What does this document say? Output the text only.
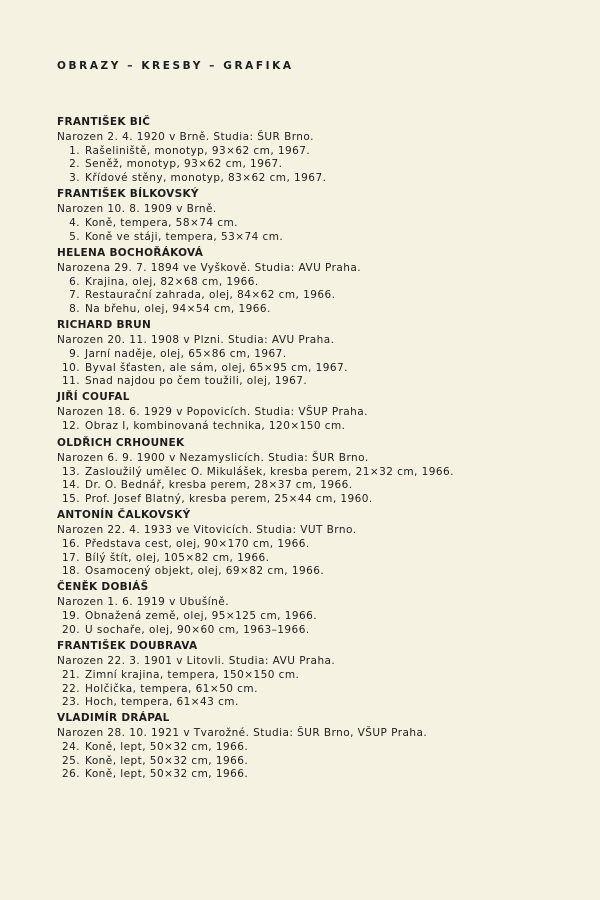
OBRAZY – KRESBY – GRAFIKA
FRANTIŠEK BIČ
Narozen 2. 4. 1920 v Brně. Studia: ŠUR Brno.
1. Rašeliniště, monotyp, 93×62 cm, 1967.
2. Seněž, monotyp, 93×62 cm, 1967.
3. Křídové stěny, monotyp, 83×62 cm, 1967.
FRANTIŠEK BÍLKOVSKÝ
Narozen 10. 8. 1909 v Brně.
4. Koně, tempera, 58×74 cm.
5. Koně ve stáji, tempera, 53×74 cm.
HELENA BOCHOŘÁKOVÁ
Narozena 29. 7. 1894 ve Vyškově. Studia: AVU Praha.
6. Krajina, olej, 82×68 cm, 1966.
7. Restaurační zahrada, olej, 84×62 cm, 1966.
8. Na břehu, olej, 94×54 cm, 1966.
RICHARD BRUN
Narozen 20. 11. 1908 v Plzni. Studia: AVU Praha.
9. Jarní naděje, olej, 65×86 cm, 1967.
10. Byval šťasten, ale sám, olej, 65×95 cm, 1967.
11. Snad najdou po čem toužili, olej, 1967.
JIŘÍ COUFAL
Narozen 18. 6. 1929 v Popovicích. Studia: VŠUP Praha.
12. Obraz I, kombinovaná technika, 120×150 cm.
OLDŘICH CRHOUNEK
Narozen 6. 9. 1900 v Nezamyslicích. Studia: ŠUR Brno.
13. Zasloužilý umělec O. Mikulášek, kresba perem, 21×32 cm, 1966.
14. Dr. O. Bednář, kresba perem, 28×37 cm, 1966.
15. Prof. Josef Blatný, kresba perem, 25×44 cm, 1960.
ANTONÍN ČALKOVSKÝ
Narozen 22. 4. 1933 ve Vitovicích. Studia: VUT Brno.
16. Představa cest, olej, 90×170 cm, 1966.
17. Bílý štít, olej, 105×82 cm, 1966.
18. Osamocený objekt, olej, 69×82 cm, 1966.
ČENĚK DOBIÁŠ
Narozen 1. 6. 1919 v Ubušíně.
19. Obnažená země, olej, 95×125 cm, 1966.
20. U sochaře, olej, 90×60 cm, 1963–1966.
FRANTIŠEK DOUBRAVA
Narozen 22. 3. 1901 v Litovli. Studia: AVU Praha.
21. Zimní krajina, tempera, 150×150 cm.
22. Holčička, tempera, 61×50 cm.
23. Hoch, tempera, 61×43 cm.
VLADIMÍR DRÁPAL
Narozen 28. 10. 1921 v Tvarožné. Studia: ŠUR Brno, VŠUP Praha.
24. Koně, lept, 50×32 cm, 1966.
25. Koně, lept, 50×32 cm, 1966.
26. Koně, lept, 50×32 cm, 1966.
